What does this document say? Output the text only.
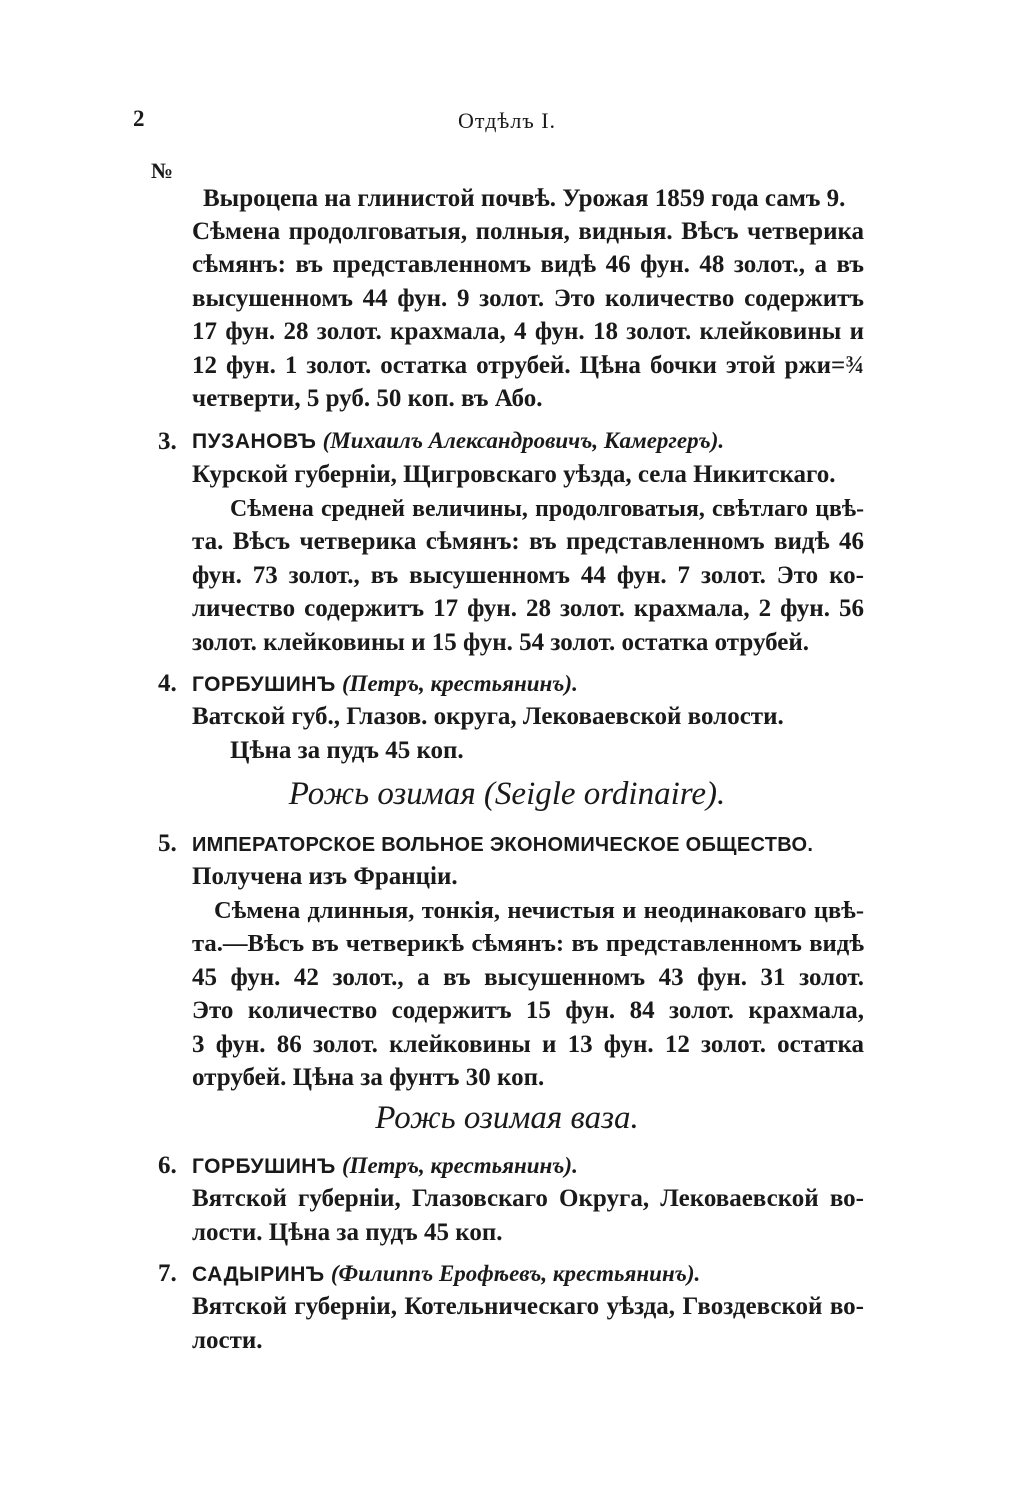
2	Отдѣлъ I.
№
Выроцепа на глинистой почвѣ. Урожая 1859 года самъ 9.
Сѣмена продолговатыя, полныя, видныя. Вѣсъ четверика
сѣмянъ: въ представленномъ видѣ 46 фун. 48 золот., а въ
высушенномъ 44 фун. 9 золот. Это количество содержитъ
17 фун. 28 золот. крахмала, 4 фун. 18 золот. клейковины и
12 фун. 1 золот. остатка отрубей. Цѣна бочки этой ржи=¾
четверти, 5 руб. 50 коп. въ Або.
3. ПУЗАНОВЪ (Михаилъ Александровичъ, Камергеръ).
Курской губерніи, Щигровскаго уѣзда, села Никитскаго.
Сѣмена средней величины, продолговатыя, свѣтлаго цвѣ-
та. Вѣсъ четверика сѣмянъ: въ представленномъ видѣ 46
фун. 73 золот., въ высушенномъ 44 фун. 7 золот. Это ко-
личество содержитъ 17 фун. 28 золот. крахмала, 2 фун. 56
золот. клейковины и 15 фун. 54 золот. остатка отрубей.
4. ГОРБУШИНЪ (Петръ, крестьянинъ).
Ватской губ., Глазов. округа, Лековаевской волости.
Цѣна за пудъ 45 коп.
Рожь озимая (Seigle ordinaire).
5. ИМПЕРАТОРСКОЕ ВОЛЬНОЕ ЭКОНОМИЧЕСКОЕ ОБЩЕСТВО.
Получена изъ Франціи.
Сѣмена длинныя, тонкія, нечистыя и неодинаковаго цвѣ-
та.—Вѣсъ въ четверикѣ сѣмянъ: въ представленномъ видѣ
45 фун. 42 золот., а въ высушенномъ 43 фун. 31 золот.
Это количество содержитъ 15 фун. 84 золот. крахмала,
3 фун. 86 золот. клейковины и 13 фун. 12 золот. остатка
отрубей. Цѣна за фунтъ 30 коп.
Рожь озимая ваза.
6. ГОРБУШИНЪ (Петръ, крестьянинъ).
Вятской губерніи, Глазовскаго Округа, Лековаевской во-
лости. Цѣна за пудъ 45 коп.
7. САДЫРИНЪ (Филиппъ Ерофѣевъ, крестьянинъ).
Вятской губерніи, Котельническаго уѣзда, Гвоздевской во-
лости.
